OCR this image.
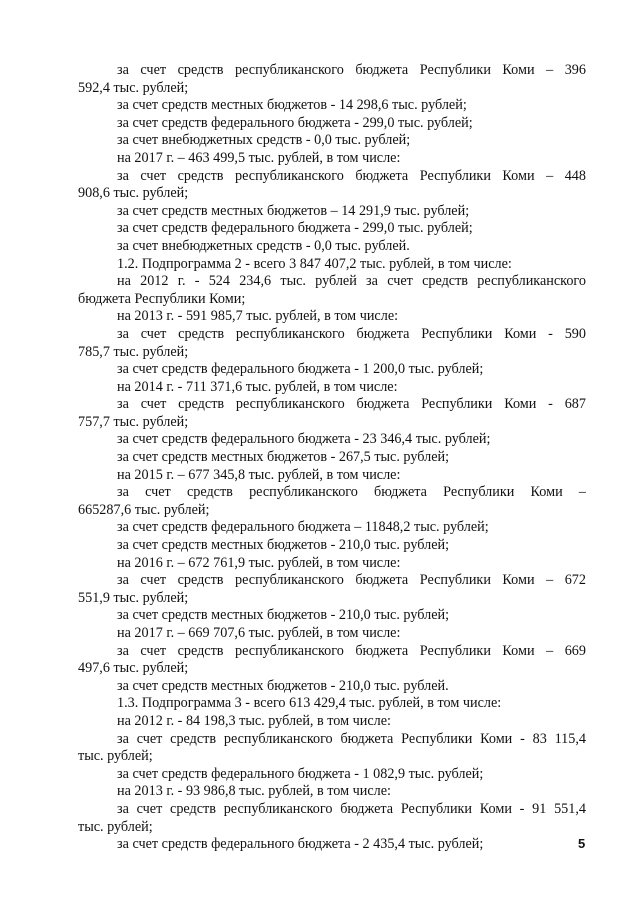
за счет средств республиканского бюджета Республики Коми – 396
592,4 тыс. рублей;
за счет средств местных бюджетов - 14 298,6 тыс. рублей;
за счет средств федерального бюджета - 299,0 тыс. рублей;
за счет внебюджетных средств - 0,0 тыс. рублей;
на 2017 г. – 463 499,5 тыс. рублей, в том числе:
за счет средств республиканского бюджета Республики Коми – 448
908,6 тыс. рублей;
за счет средств местных бюджетов – 14 291,9 тыс. рублей;
за счет средств федерального бюджета - 299,0 тыс. рублей;
за счет внебюджетных средств - 0,0 тыс. рублей.
1.2. Подпрограмма 2 - всего 3 847 407,2 тыс. рублей, в том числе:
на 2012 г. - 524 234,6 тыс. рублей за счет средств республиканского
бюджета Республики Коми;
на 2013 г. - 591 985,7 тыс. рублей, в том числе:
за счет средств республиканского бюджета Республики Коми - 590
785,7 тыс. рублей;
за счет средств федерального бюджета - 1 200,0 тыс. рублей;
на 2014 г. - 711 371,6 тыс. рублей, в том числе:
за счет средств республиканского бюджета Республики Коми - 687
757,7 тыс. рублей;
за счет средств федерального бюджета - 23 346,4 тыс. рублей;
за счет средств местных бюджетов - 267,5 тыс. рублей;
на 2015 г. – 677 345,8 тыс. рублей, в том числе:
за счет средств республиканского бюджета Республики Коми –
665287,6 тыс. рублей;
за счет средств федерального бюджета – 11848,2 тыс. рублей;
за счет средств местных бюджетов - 210,0 тыс. рублей;
на 2016 г. – 672 761,9 тыс. рублей, в том числе:
за счет средств республиканского бюджета Республики Коми – 672
551,9 тыс. рублей;
за счет средств местных бюджетов - 210,0 тыс. рублей;
на 2017 г. – 669 707,6 тыс. рублей, в том числе:
за счет средств республиканского бюджета Республики Коми – 669
497,6 тыс. рублей;
за счет средств местных бюджетов - 210,0 тыс. рублей.
1.3. Подпрограмма 3 - всего 613 429,4 тыс. рублей, в том числе:
на 2012 г. - 84 198,3 тыс. рублей, в том числе:
за счет средств республиканского бюджета Республики Коми - 83 115,4
тыс. рублей;
за счет средств федерального бюджета - 1 082,9 тыс. рублей;
на 2013 г. - 93 986,8 тыс. рублей, в том числе:
за счет средств республиканского бюджета Республики Коми - 91 551,4
тыс. рублей;
за счет средств федерального бюджета - 2 435,4 тыс. рублей;	5
